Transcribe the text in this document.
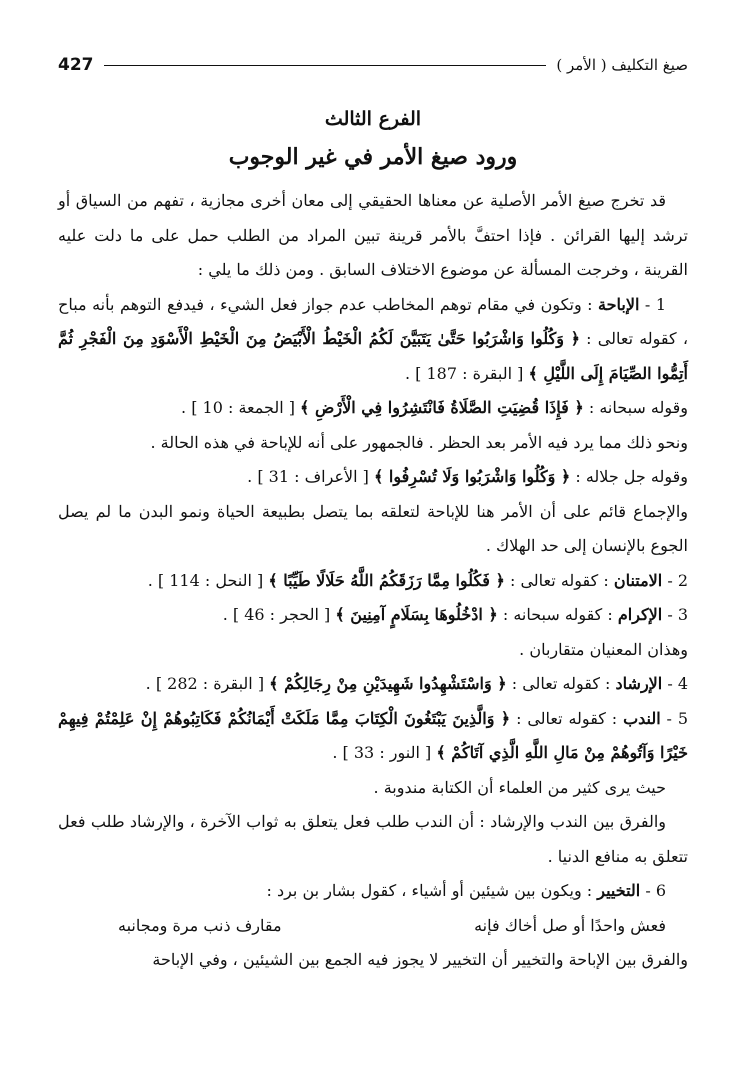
صيغ التكليف ( الأمر )
427
الفرع الثالث
ورود صيغ الأمر في غير الوجوب

قد تخرج صيغ الأمر الأصلية عن معناها الحقيقي إلى معان أخرى مجازية ، تفهم من السياق أو ترشد إليها القرائن . فإذا احتفَّ بالأمر قرينة تبين المراد من الطلب حمل على ما دلت عليه القرينة ، وخرجت المسألة عن موضوع الاختلاف السابق . ومن ذلك ما يلي :

1 - الإباحة : وتكون في مقام توهم المخاطب عدم جواز فعل الشيء ، فيدفع التوهم بأنه مباح ، كقوله تعالى : ﴿ وَكُلُوا وَاشْرَبُوا حَتَّىٰ يَتَبَيَّنَ لَكُمُ الْخَيْطُ الْأَبْيَضُ مِنَ الْخَيْطِ الْأَسْوَدِ مِنَ الْفَجْرِ ثُمَّ أَتِمُّوا الصِّيَامَ إِلَى اللَّيْلِ ﴾ [ البقرة : 187 ] .

وقوله سبحانه : ﴿ فَإِذَا قُضِيَتِ الصَّلَاةُ فَانْتَشِرُوا فِي الْأَرْضِ ﴾ [ الجمعة : 10 ] .

ونحو ذلك مما يرد فيه الأمر بعد الحظر . فالجمهور على أنه للإباحة في هذه الحالة .

وقوله جل جلاله : ﴿ وَكُلُوا وَاشْرَبُوا وَلَا تُسْرِفُوا ﴾ [ الأعراف : 31 ] .

والإجماع قائم على أن الأمر هنا للإباحة لتعلقه بما يتصل بطبيعة الحياة ونمو البدن ما لم يصل الجوع بالإنسان إلى حد الهلاك .

2 - الامتنان : كقوله تعالى : ﴿ فَكُلُوا مِمَّا رَزَقَكُمُ اللَّهُ حَلَالًا طَيِّبًا ﴾ [ النحل : 114 ] .

3 - الإكرام : كقوله سبحانه : ﴿ ادْخُلُوهَا بِسَلَامٍ آمِنِينَ ﴾ [ الحجر : 46 ] .

وهذان المعنيان متقاربان .

4 - الإرشاد : كقوله تعالى : ﴿ وَاسْتَشْهِدُوا شَهِيدَيْنِ مِنْ رِجَالِكُمْ ﴾ [ البقرة : 282 ] .

5 - الندب : كقوله تعالى : ﴿ وَالَّذِينَ يَبْتَغُونَ الْكِتَابَ مِمَّا مَلَكَتْ أَيْمَانُكُمْ فَكَاتِبُوهُمْ إِنْ عَلِمْتُمْ فِيهِمْ خَيْرًا وَآتُوهُمْ مِنْ مَالِ اللَّهِ الَّذِي آتَاكُمْ ﴾ [ النور : 33 ] .

حيث يرى كثير من العلماء أن الكتابة مندوبة .

والفرق بين الندب والإرشاد : أن الندب طلب فعل يتعلق به ثواب الآخرة ، والإرشاد طلب فعل تتعلق به منافع الدنيا .

6 - التخيير : ويكون بين شيئين أو أشياء ، كقول بشار بن برد :

فعش واحدًا أو صل أخاك فإنه
مقارف ذنب مرة ومجانبه

والفرق بين الإباحة والتخيير أن التخيير لا يجوز فيه الجمع بين الشيئين ، وفي الإباحة
